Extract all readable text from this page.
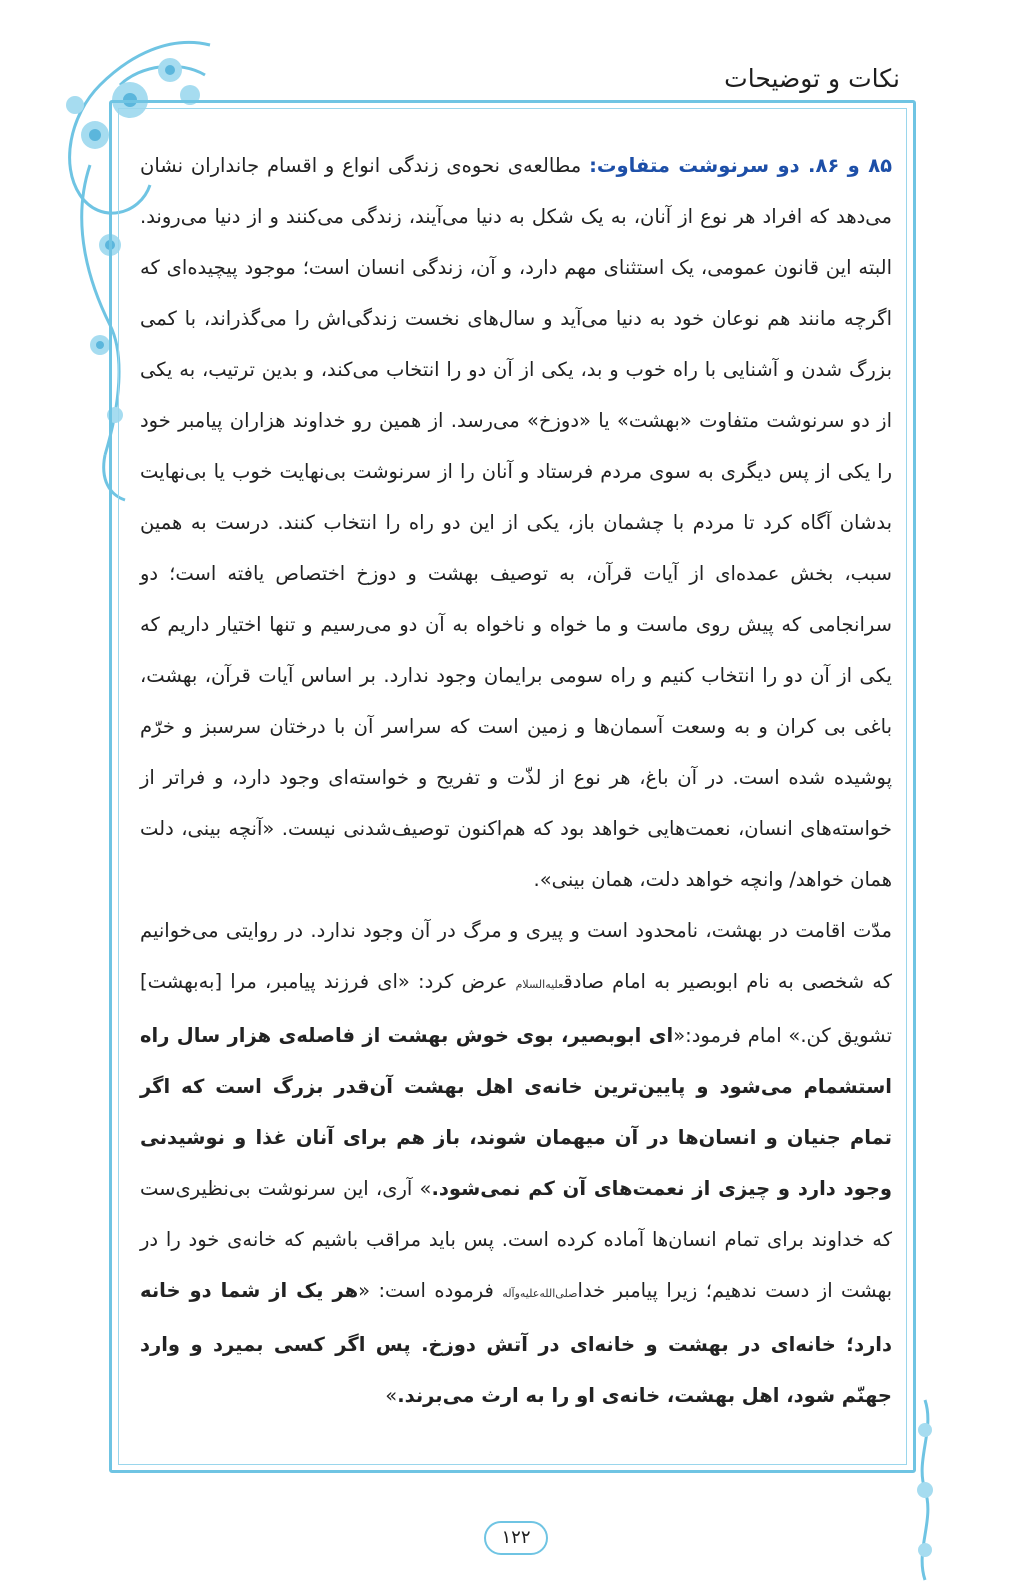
نکات و توضیحات

۸۵ و ۸۶. دو سرنوشت متفاوت: مطالعه‌ی نحوه‌ی زندگی انواع و اقسام جانداران نشان می‌دهد که افراد هر نوع از آنان، به یک شکل به دنیا می‌آیند، زندگی می‌کنند و از دنیا می‌روند. البته این قانون عمومی، یک استثنای مهم دارد، و آن، زندگی انسان است؛ موجود پیچیده‌ای که اگرچه مانند هم نوعان خود به دنیا می‌آید و سال‌های نخست زندگی‌اش را می‌گذراند، با کمی بزرگ شدن و آشنایی با راه خوب و بد، یکی از آن دو را انتخاب می‌کند، و بدین ترتیب، به یکی از دو سرنوشت متفاوت «بهشت» یا «دوزخ» می‌رسد. از همین رو خداوند هزاران پیامبر خود را یکی از پس دیگری به سوی مردم فرستاد و آنان را از سرنوشت بی‌نهایت خوب یا بی‌نهایت بدشان آگاه کرد تا مردم با چشمان باز، یکی از این دو راه را انتخاب کنند. درست به همین سبب، بخش عمده‌ای از آیات قرآن، به توصیف بهشت و دوزخ اختصاص یافته است؛ دو سرانجامی که پیش روی ماست و ما خواه و ناخواه به آن دو می‌رسیم و تنها اختیار داریم که یکی از آن دو را انتخاب کنیم و راه سومی برایمان وجود ندارد. بر اساس آیات قرآن، بهشت، باغی بی کران و به وسعت آسمان‌ها و زمین است که سراسر آن با درختان سرسبز و خرّم پوشیده شده است. در آن باغ، هر نوع از لذّت و تفریح و خواسته‌ای وجود دارد، و فراتر از خواسته‌های انسان، نعمت‌هایی خواهد بود که هم‌اکنون توصیف‌شدنی نیست. «آنچه بینی، دلت همان خواهد/ وانچه خواهد دلت، همان بینی».

مدّت اقامت در بهشت، نامحدود است و پیری و مرگ در آن وجود ندارد. در روایتی می‌خوانیم که شخصی به نام ابوبصیر به امام صادقعلیه‌السلام عرض کرد: «ای فرزند پیامبر، مرا [به‌بهشت] تشویق کن.» امام فرمود:«ای ابوبصیر، بوی خوش بهشت از فاصله‌ی هزار سال راه استشمام می‌شود و پایین‌ترین خانه‌ی اهل بهشت آن‌قدر بزرگ است که اگر تمام جنیان و انسان‌ها در آن میهمان شوند، باز هم برای آنان غذا و نوشیدنی وجود دارد و چیزی از نعمت‌های آن کم نمی‌شود.» آری، این سرنوشت بی‌نظیری‌ست که خداوند برای تمام انسان‌ها آماده کرده است. پس باید مراقب باشیم که خانه‌ی خود را در بهشت از دست ندهیم؛ زیرا پیامبر خداصلی‌الله‌علیه‌وآله فرموده است: «هر یک از شما دو خانه دارد؛ خانه‌ای در بهشت و خانه‌ای در آتش دوزخ. پس اگر کسی بمیرد و وارد جهنّم شود، اهل بهشت، خانه‌ی او را به ارث می‌برند.»

۱۲۲
